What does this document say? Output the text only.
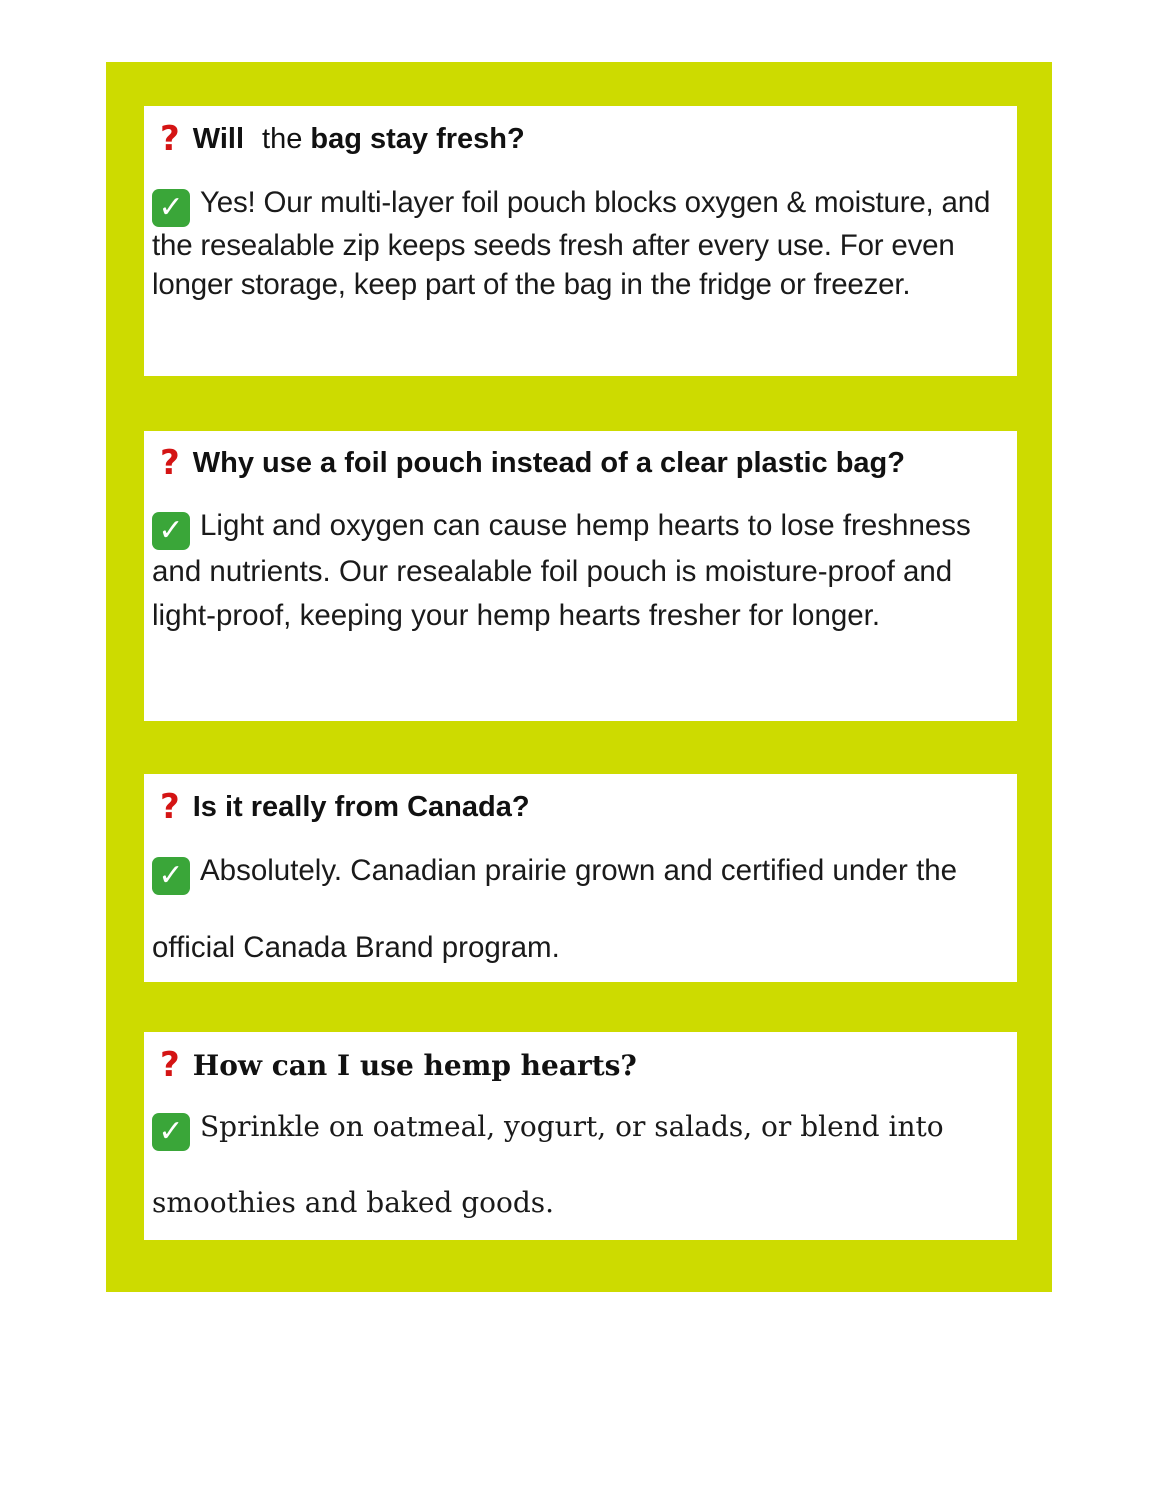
? Will the bag stay fresh?
✓ Yes! Our multi-layer foil pouch blocks oxygen & moisture, and the resealable zip keeps seeds fresh after every use. For even longer storage, keep part of the bag in the fridge or freezer.
? Why use a foil pouch instead of a clear plastic bag?
✓ Light and oxygen can cause hemp hearts to lose freshness and nutrients. Our resealable foil pouch is moisture-proof and light-proof, keeping your hemp hearts fresher for longer.
? Is it really from Canada?
✓ Absolutely. Canadian prairie grown and certified under the
official Canada Brand program.
? How can I use hemp hearts?
✓ Sprinkle on oatmeal, yogurt, or salads, or blend into
smoothies and baked goods.
